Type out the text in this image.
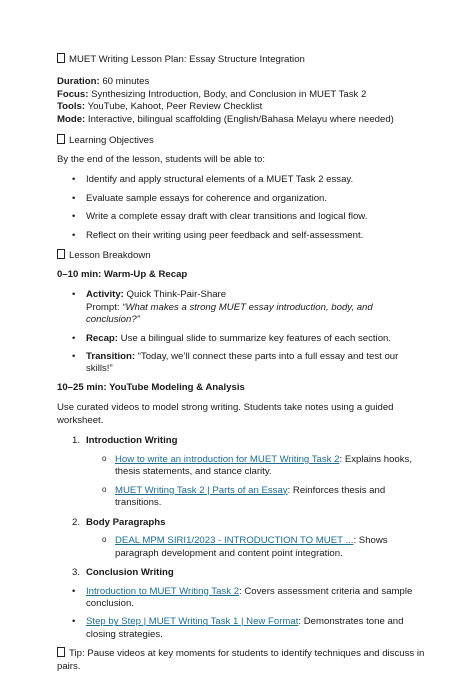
MUET Writing Lesson Plan: Essay Structure Integration

Duration: 60 minutes

Focus: Synthesizing Introduction, Body, and Conclusion in MUET Task 2

Tools: YouTube, Kahoot, Peer Review Checklist

Mode: Interactive, bilingual scaffolding (English/Bahasa Melayu where needed)

Learning Objectives

By the end of the lesson, students will be able to:

• Identify and apply structural elements of a MUET Task 2 essay.
• Evaluate sample essays for coherence and organization.
• Write a complete essay draft with clear transitions and logical flow.
• Reflect on their writing using peer feedback and self-assessment.

Lesson Breakdown

0–10 min: Warm-Up & Recap

• Activity: Quick Think-Pair-Share
Prompt: “What makes a strong MUET essay introduction, body, and conclusion?”
• Recap: Use a bilingual slide to summarize key features of each section.
• Transition: “Today, we’ll connect these parts into a full essay and test our skills!”

10–25 min: YouTube Modeling & Analysis

Use curated videos to model strong writing. Students take notes using a guided worksheet.

1. Introduction Writing
o How to write an introduction for MUET Writing Task 2: Explains hooks, thesis statements, and stance clarity.
o MUET Writing Task 2 | Parts of an Essay: Reinforces thesis and transitions.
2. Body Paragraphs
o DEAL MPM SIRI1/2023 - INTRODUCTION TO MUET ...: Shows paragraph development and content point integration.
3. Conclusion Writing
• Introduction to MUET Writing Task 2: Covers assessment criteria and sample conclusion.
• Step by Step | MUET Writing Task 1 | New Format: Demonstrates tone and closing strategies.

Tip: Pause videos at key moments for students to identify techniques and discuss in pairs.
